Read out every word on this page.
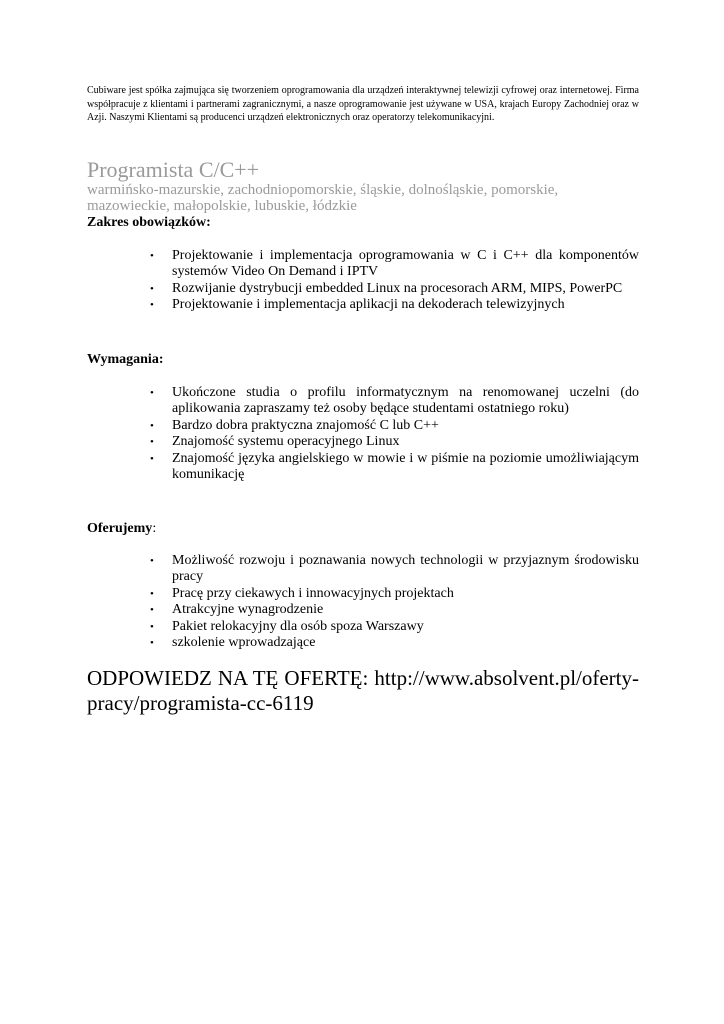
Cubiware jest spółka zajmująca się tworzeniem oprogramowania dla urządzeń interaktywnej telewizji cyfrowej oraz internetowej. Firma współpracuje z klientami i partnerami zagranicznymi, a nasze oprogramowanie jest używane w USA, krajach Europy Zachodniej oraz w Azji. Naszymi Klientami są producenci urządzeń elektronicznych oraz operatorzy telekomunikacyjni.

Programista C/C++

warmińsko-mazurskie, zachodniopomorskie, śląskie, dolnośląskie, pomorskie, mazowieckie, małopolskie, lubuskie, łódzkie

Zakres obowiązków:

• Projektowanie i implementacja oprogramowania w C i C++ dla komponentów systemów Video On Demand i IPTV
• Rozwijanie dystrybucji embedded Linux na procesorach ARM, MIPS, PowerPC
• Projektowanie i implementacja aplikacji na dekoderach telewizyjnych

Wymagania:

• Ukończone studia o profilu informatycznym na renomowanej uczelni (do aplikowania zapraszamy też osoby będące studentami ostatniego roku)
• Bardzo dobra praktyczna znajomość C lub C++
• Znajomość systemu operacyjnego Linux
• Znajomość języka angielskiego w mowie i w piśmie na poziomie umożliwiającym komunikację

Oferujemy:

• Możliwość rozwoju i poznawania nowych technologii w przyjaznym środowisku pracy
• Pracę przy ciekawych i innowacyjnych projektach
• Atrakcyjne wynagrodzenie
• Pakiet relokacyjny dla osób spoza Warszawy
• szkolenie wprowadzające

ODPOWIEDZ NA TĘ OFERTĘ: http://www.absolvent.pl/oferty-pracy/programista-cc-6119
